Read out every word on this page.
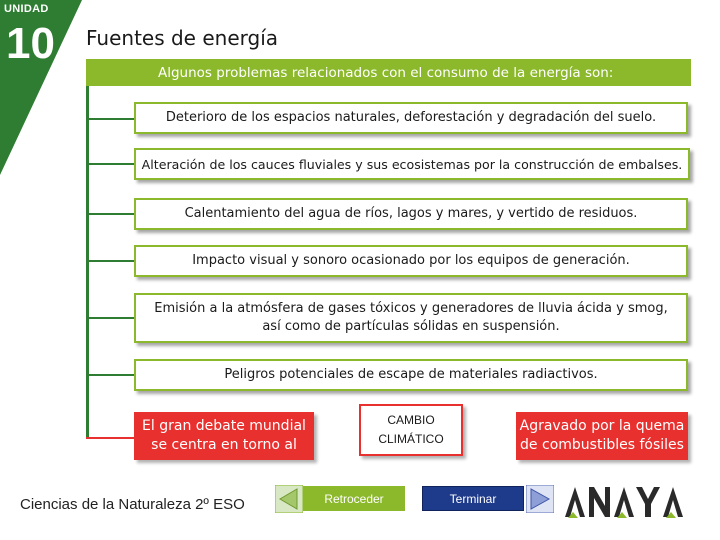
UNIDAD
10 Fuentes de energía
Algunos problemas relacionados con el consumo de la energía son:
Deterioro de los espacios naturales, deforestación y degradación del suelo.
Alteración de los cauces fluviales y sus ecosistemas por la construcción de embalses.
Calentamiento del agua de ríos, lagos y mares, y vertido de residuos.
Impacto visual y sonoro ocasionado por los equipos de generación.
Emisión a la atmósfera de gases tóxicos y generadores de lluvia ácida y smog, así como de partículas sólidas en suspensión.
Peligros potenciales de escape de materiales radiactivos.
El gran debate mundial se centra en torno al
CAMBIO
CLIMÁTICO
Agravado por la quema de combustibles fósiles
Ciencias de la Naturaleza 2º ESO	Retroceder	Terminar
